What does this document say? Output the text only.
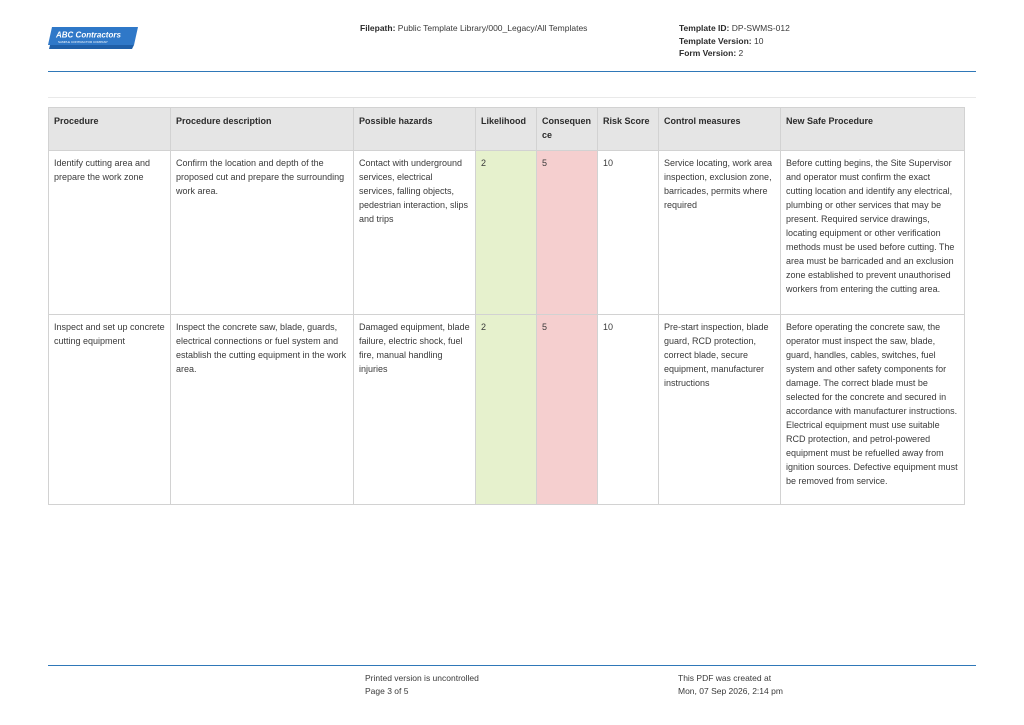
ABC Contractors
SAMPLE CONTRACTOR COMPANY
Filepath: Public Template Library/000_Legacy/All Templates	Template ID: DP-SWMS-012
Template Version: 10
Form Version: 2
Procedure	Procedure description	Possible hazards	Likelihood	Consequen ce	Risk Score	Control measures	New Safe Procedure
Identify cutting area and prepare the work zone	Confirm the location and depth of the proposed cut and prepare the surrounding work area.	Contact with underground services, electrical services, falling objects, pedestrian interaction, slips and trips	2	5	10	Service locating, work area inspection, exclusion zone, barricades, permits where required	Before cutting begins, the Site Supervisor and operator must confirm the exact cutting location and identify any electrical, plumbing or other services that may be present. Required service drawings, locating equipment or other verification methods must be used before cutting. The area must be barricaded and an exclusion zone established to prevent unauthorised workers from entering the cutting area.
Inspect and set up concrete cutting equipment	Inspect the concrete saw, blade, guards, electrical connections or fuel system and establish the cutting equipment in the work area.	Damaged equipment, blade failure, electric shock, fuel fire, manual handling injuries	2	5	10	Pre-start inspection, blade guard, RCD protection, correct blade, secure equipment, manufacturer instructions	Before operating the concrete saw, the operator must inspect the saw, blade, guard, handles, cables, switches, fuel system and other safety components for damage. The correct blade must be selected for the concrete and secured in accordance with manufacturer instructions. Electrical equipment must use suitable RCD protection, and petrol-powered equipment must be refuelled away from ignition sources. Defective equipment must be removed from service.
Printed version is uncontrolled
Page 3 of 5
This PDF was created at
Mon, 07 Sep 2026, 2:14 pm
